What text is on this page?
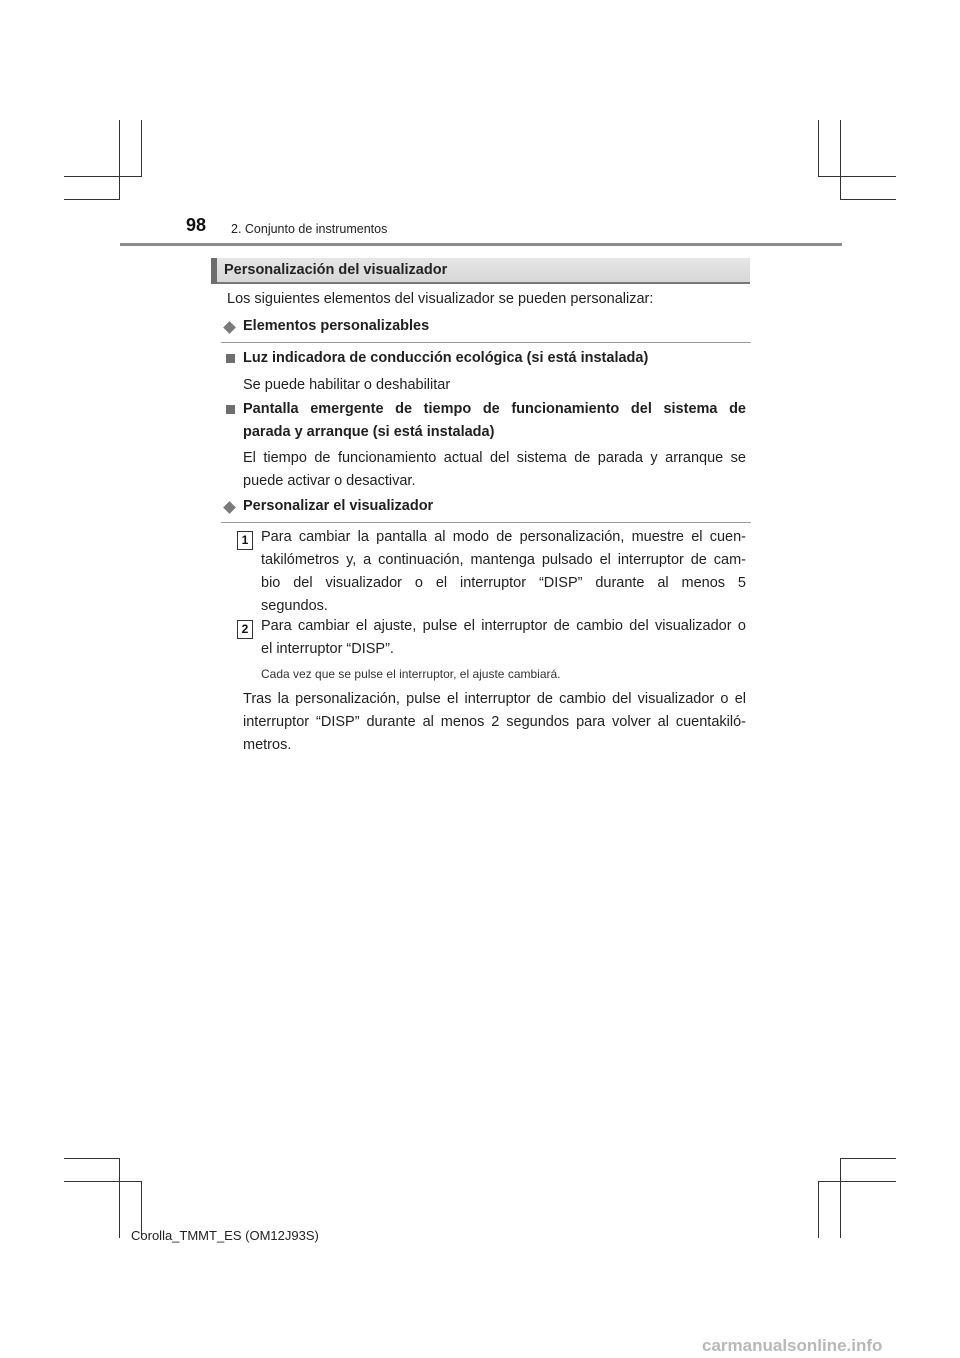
98 2. Conjunto de instrumentos
Personalización del visualizador
Los siguientes elementos del visualizador se pueden personalizar:
Elementos personalizables
Luz indicadora de conducción ecológica (si está instalada)
Se puede habilitar o deshabilitar
Pantalla emergente de tiempo de funcionamiento del sistema de
parada y arranque (si está instalada)
El tiempo de funcionamiento actual del sistema de parada y arranque se
puede activar o desactivar.
Personalizar el visualizador
1 Para cambiar la pantalla al modo de personalización, muestre el cuen-
takilómetros y, a continuación, mantenga pulsado el interruptor de cam-
bio del visualizador o el interruptor “DISP” durante al menos 5
segundos.
2 Para cambiar el ajuste, pulse el interruptor de cambio del visualizador o
el interruptor “DISP”.
Cada vez que se pulse el interruptor, el ajuste cambiará.
Tras la personalización, pulse el interruptor de cambio del visualizador o el
interruptor “DISP” durante al menos 2 segundos para volver al cuentakiló-
metros.
Corolla_TMMT_ES (OM12J93S)
carmanualsonline.info
